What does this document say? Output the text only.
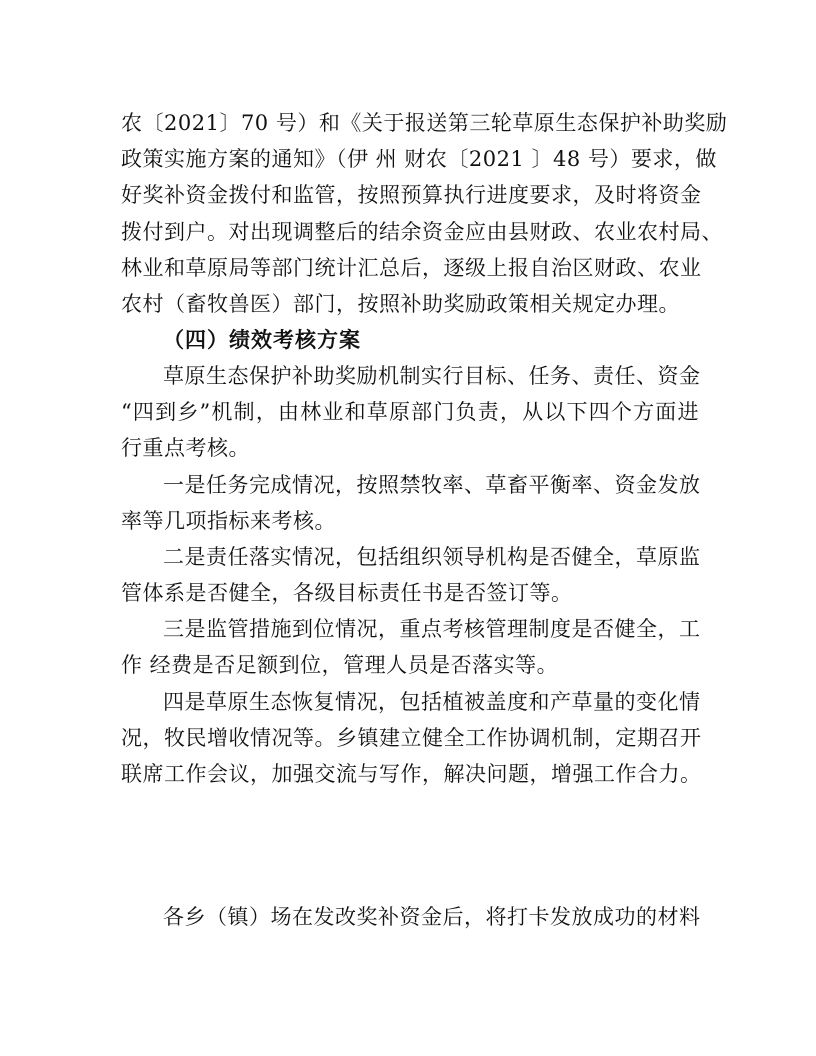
农〔2021〕70 号）和《关于报送第三轮草原生态保护补助奖励
政策实施方案的通知》（伊 州 财农〔2021 〕48 号）要求，做
好奖补资金拨付和监管，按照预算执行进度要求，及时将资金
拨付到户。对出现调整后的结余资金应由县财政、农业农村局、
林业和草原局等部门统计汇总后，逐级上报自治区财政、农业
农村（畜牧兽医）部门，按照补助奖励政策相关规定办理。
（四）绩效考核方案
草原生态保护补助奖励机制实行目标、任务、责任、资金
“四到乡”机制，由林业和草原部门负责，从以下四个方面进
行重点考核。
一是任务完成情况，按照禁牧率、草畜平衡率、资金发放
率等几项指标来考核。
二是责任落实情况，包括组织领导机构是否健全，草原监
管体系是否健全，各级目标责任书是否签订等。
三是监管措施到位情况，重点考核管理制度是否健全，工
作 经费是否足额到位，管理人员是否落实等。
四是草原生态恢复情况，包括植被盖度和产草量的变化情
况，牧民增收情况等。乡镇建立健全工作协调机制，定期召开
联席工作会议，加强交流与写作，解决问题，增强工作合力。
各乡（镇）场在发改奖补资金后，将打卡发放成功的材料
